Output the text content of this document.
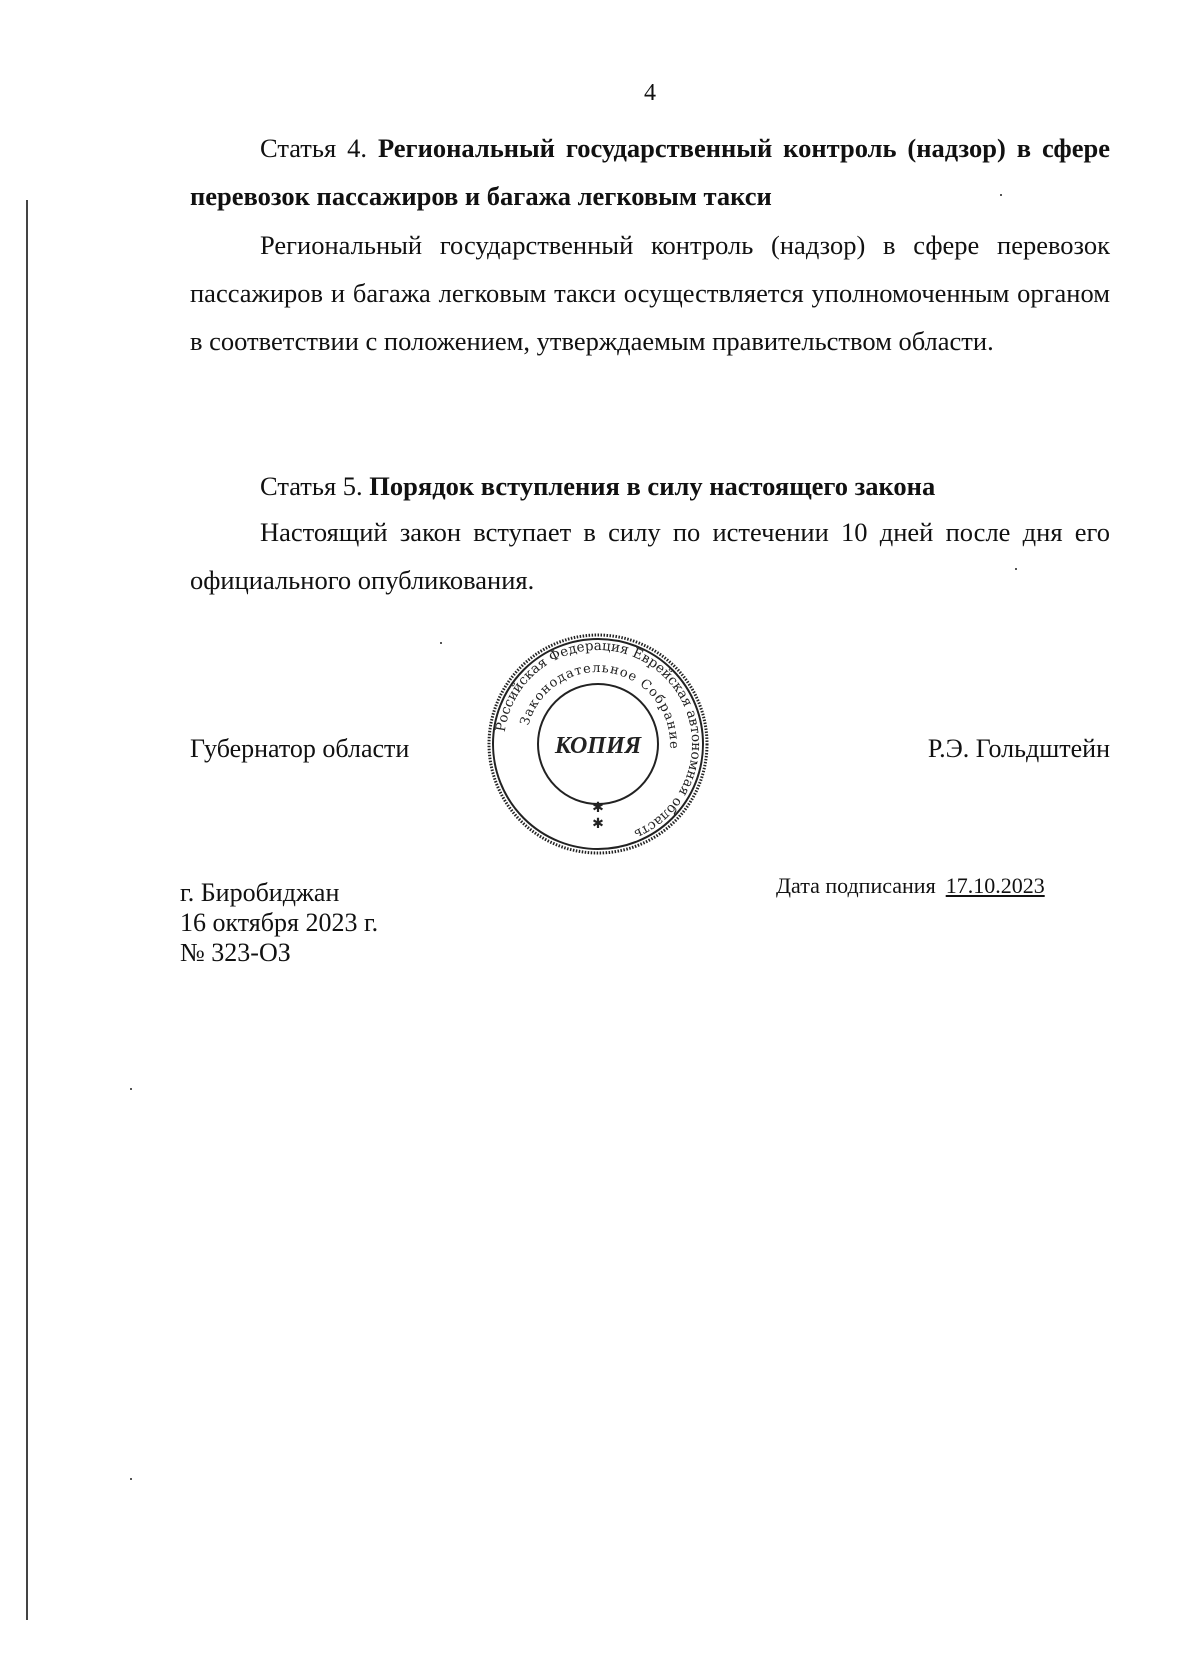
4
Статья 4. Региональный государственный контроль (надзор) в сфере перевозок пассажиров и багажа легковым такси
Региональный государственный контроль (надзор) в сфере перевозок пассажиров и багажа легковым такси осуществляется уполномоченным органом в соответствии с положением, утверждаемым правительством области.
Статья 5. Порядок вступления в силу настоящего закона
Настоящий закон вступает в силу по истечении 10 дней после дня его официального опубликования.
Губернатор области	Р.Э. Гольдштейн
Российская Федерация Еврейская автономная область
Законодательное Собрание
КОПИЯ
✱
✱
г. Биробиджан
16 октября 2023 г.
№ 323-ОЗ
Дата подписания 17.10.2023
